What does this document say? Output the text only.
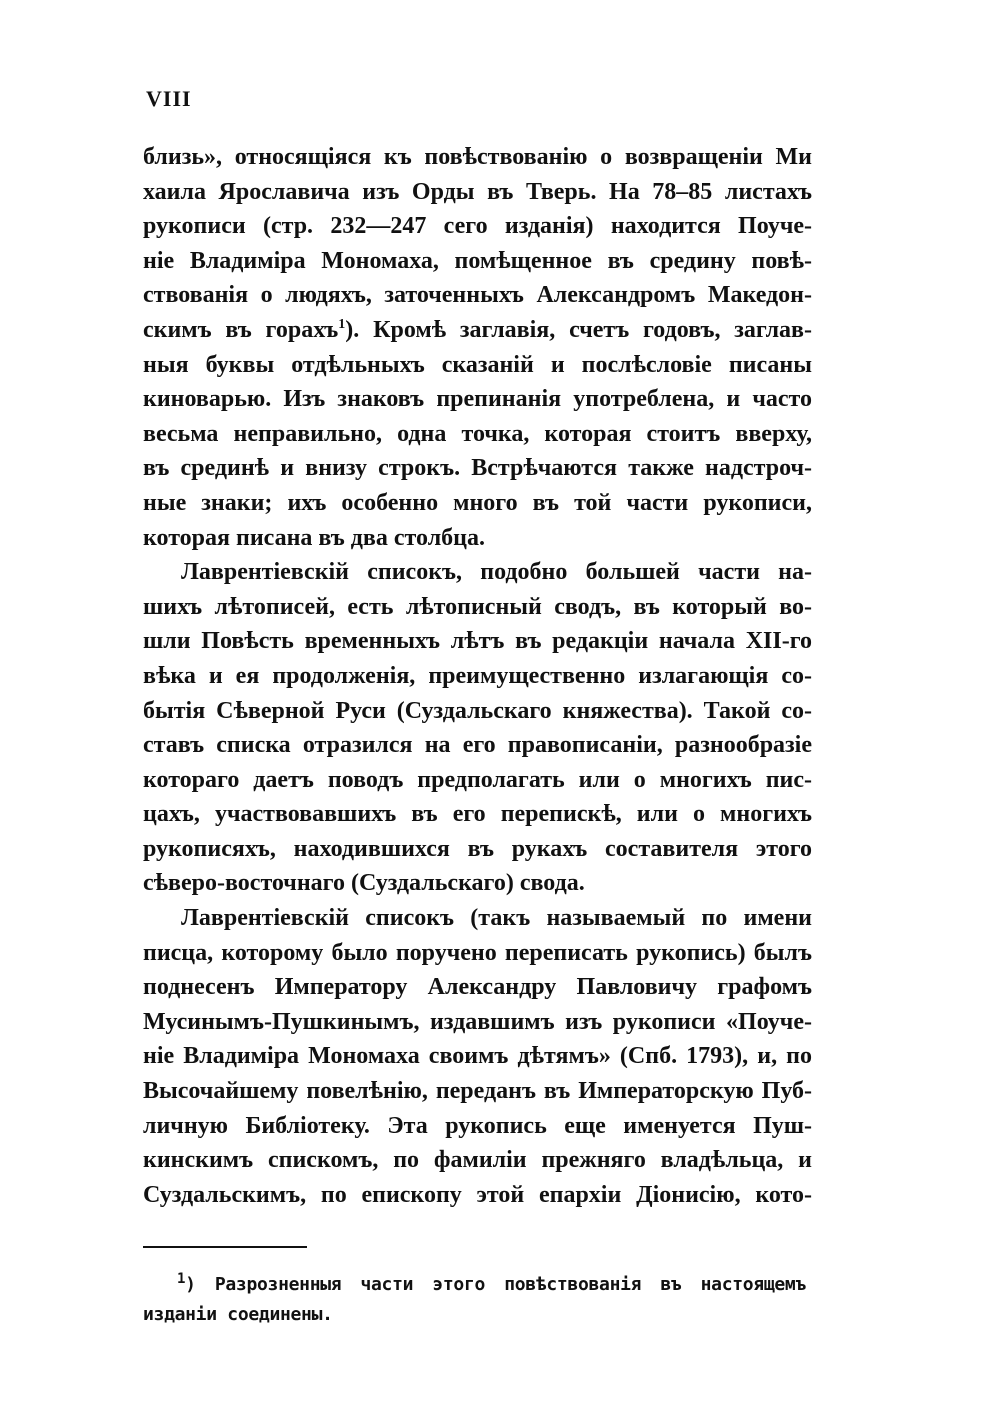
VIII
близь», относящіяся къ повѣствованію о возвращеніи Ми
хаила Ярославича изъ Орды въ Тверь. На 78–85 листахъ
рукописи (стр. 232—247 сего изданія) находится Поуче-
ніе Владиміра Мономаха, помѣщенное въ средину повѣ-
ствованія о людяхъ, заточенныхъ Александромъ Македон-
скимъ въ горахъ$^1$). Кромѣ заглавія, счетъ годовъ, заглав-
ныя буквы отдѣльныхъ сказаній и послѣсловіе писаны
киноварью. Изъ знаковъ препинанія употреблена, и часто
весьма неправильно, одна точка, которая стоитъ вверху,
въ срединѣ и внизу строкъ. Встрѣчаются также надстроч-
ные знаки; ихъ особенно много въ той части рукописи,
которая писана въ два столбца.
Лаврентіевскій списокъ, подобно большей части на-
шихъ лѣтописей, есть лѣтописный сводъ, въ который во-
шли Повѣсть временныхъ лѣтъ въ редакціи начала XII-го
вѣка и ея продолженія, преимущественно излагающія со-
бытія Сѣверной Руси (Суздальскаго княжества). Такой со-
ставъ списка отразился на его правописаніи, разнообразіе
котораго даетъ поводъ предполагать или о многихъ пис-
цахъ, участвовавшихъ въ его перепискѣ, или о многихъ
рукописяхъ, находившихся въ рукахъ составителя этого
сѣверо-восточнаго (Суздальскаго) свода.
Лаврентіевскій списокъ (такъ называемый по имени
писца, которому было поручено переписать рукопись) былъ
поднесенъ Императору Александру Павловичу графомъ
Мусинымъ-Пушкинымъ, издавшимъ изъ рукописи «Поуче-
ніе Владиміра Мономаха своимъ дѣтямъ» (Спб. 1793), и, по
Высочайшему повелѣнію, переданъ въ Императорскую Пуб-
личную Библіотеку. Эта рукопись еще именуется Пуш-
кинскимъ спискомъ, по фамиліи прежняго владѣльца, и
Суздальскимъ, по епископу этой епархіи Діонисію, кото-
$^1$) Разрозненныя части этого повѣствованія въ настоящемъ
изданіи соединены.
